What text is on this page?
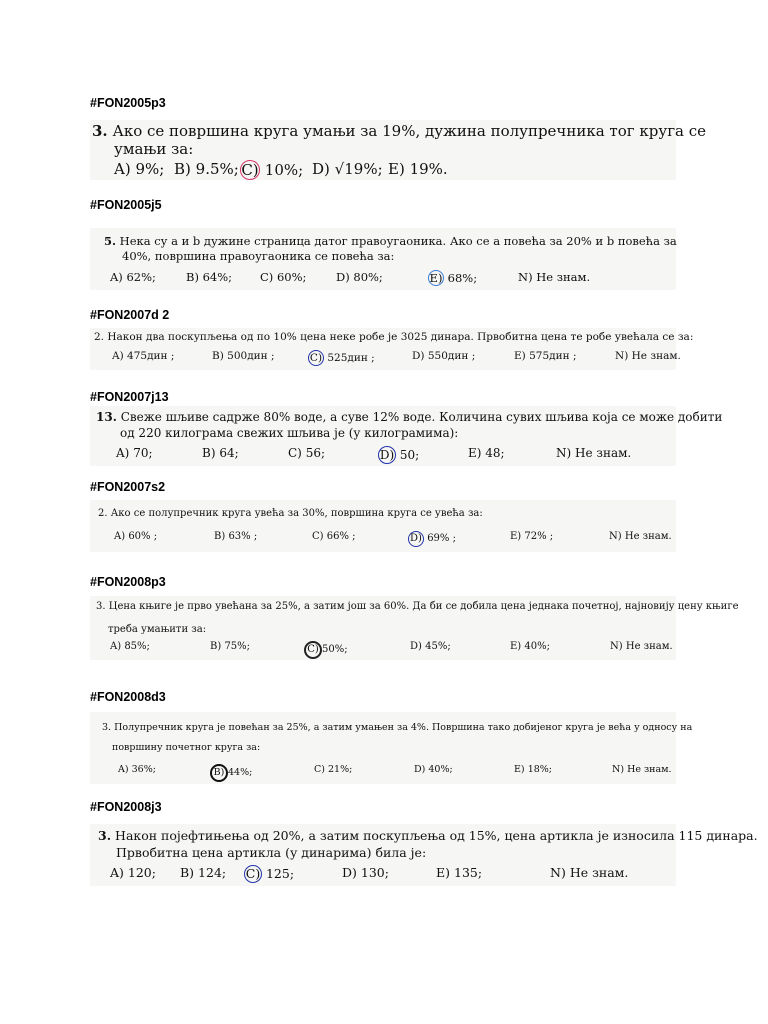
#FON2005p3
3. Ако се површина круга умањи за 19%, дужина полупречника тог круга се
умањи за:
A) 9%; B) 9.5%; C) 10%; D) √19%; E) 19%.
#FON2005j5
5. Нека су a и b дужине страница датог правоугаоника. Ако се a повећа за 20% и b повећа за
40%, површина правоугаоника се повећа за:
A) 62%;	B) 64%; C) 60%;	D) 80%;	E) 68%;	N) Не знам.
#FON2007d 2
2. Након два поскупљења од по 10% цена неке робе је 3025 динара. Првобитна цена те робе увећала се за:
A) 475дин ;	B) 500дин ;	C) 525дин ;	D) 550дин ;	E) 575дин ;	N) Не знам.
#FON2007j13
13. Свеже шљиве садрже 80% воде, а суве 12% воде. Количина сувих шљива која се може добити
од 220 килограма свежих шљива је (у килограмима):
A) 70;	B) 64;	C) 56;	D) 50;	E) 48;	N) Не знам.
#FON2007s2
2. Ако се полупречник круга увећа за 30%, површина круга се увећа за:
A) 60% ;	B) 63% ;	C) 66% ;	D) 69% ;	E) 72% ;	N) Не знам.
#FON2008p3
3. Цена књиге је прво увећана за 25%, а затим још за 60%. Да би се добила цена једнака почетној, најновију цену књиге
треба умањити за:
A) 85%;	B) 75%;	C) 50%;	D) 45%;	E) 40%;	N) Не знам.
#FON2008d3
3. Полупречник круга је повећан за 25%, а затим умањен за 4%. Површина тако добијеног круга је већа у односу на
површину почетног круга за:
A) 36%;	B) 44%;	C) 21%;	D) 40%;	E) 18%;	N) Не знам.
#FON2008j3
3. Након појефтињења од 20%, а затим поскупљења од 15%, цена артикла је износила 115 динара.
Првобитна цена артикла (у динарима) била је:
A) 120; B) 124; C) 125;	D) 130;	E) 135;	N) Не знам.
